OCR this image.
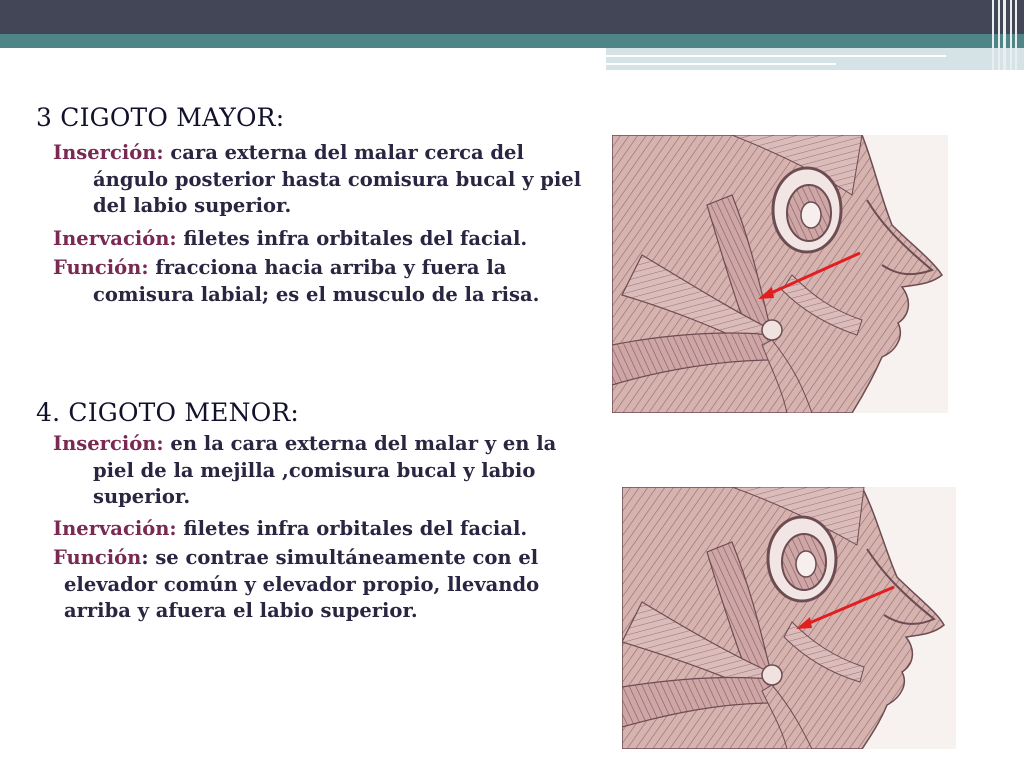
3 CIGOTO MAYOR:
Inserción: cara externa del malar cerca del ángulo posterior hasta comisura bucal y piel del labio superior.
Inervación: filetes infra orbitales del facial.
Función: fracciona hacia arriba y fuera la comisura labial; es el musculo de la risa.
4. CIGOTO MENOR:
Inserción: en la cara externa del malar y en la piel de la mejilla ,comisura bucal y labio superior.
Inervación: filetes infra orbitales del facial.
Función: se contrae simultáneamente con el elevador común y elevador propio, llevando arriba y afuera el labio superior.
